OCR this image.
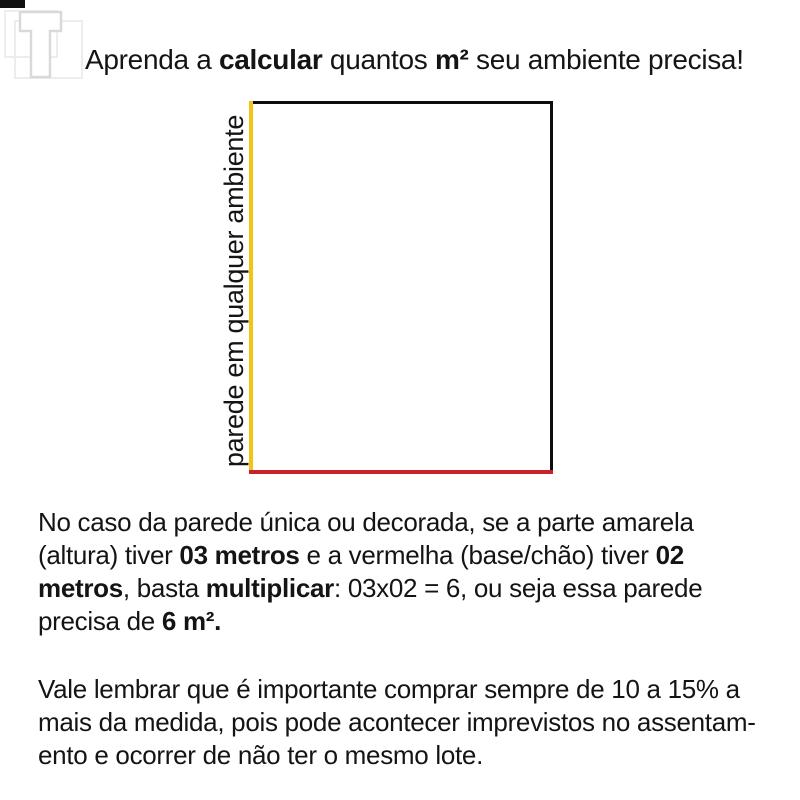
Aprenda a calcular quantos m² seu ambiente precisa!
parede em qualquer ambiente

No caso da parede única ou decorada, se a parte amarela
(altura) tiver 03 metros e a vermelha (base/chão) tiver 02
metros, basta multiplicar: 03x02 = 6, ou seja essa parede
precisa de 6 m².

Vale lembrar que é importante comprar sempre de 10 a 15% a
mais da medida, pois pode acontecer imprevistos no assentam-
ento e ocorrer de não ter o mesmo lote.
